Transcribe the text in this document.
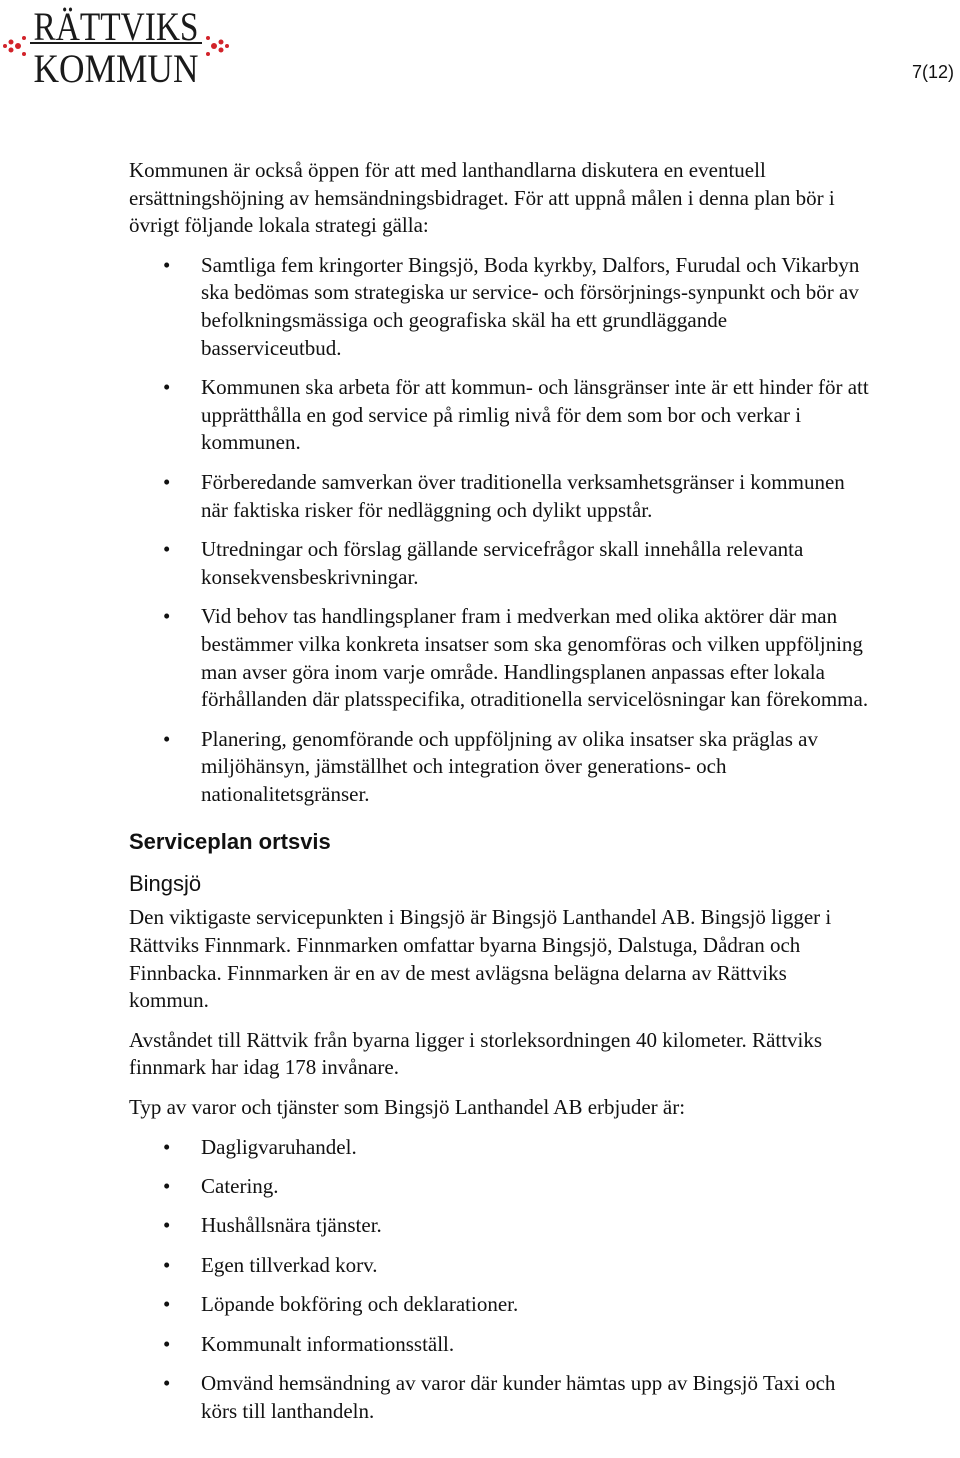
RÄTTVIKS
KOMMUN	7(12)

Kommunen är också öppen för att med lanthandlarna diskutera en eventuell ersättningshöjning av hemsändningsbidraget. För att uppnå målen i denna plan bör i övrigt följande lokala strategi gälla:

• Samtliga fem kringorter Bingsjö, Boda kyrkby, Dalfors, Furudal och Vikarbyn ska bedömas som strategiska ur service- och försörjnings-synpunkt och bör av befolkningsmässiga och geografiska skäl ha ett grundläggande basserviceutbud.
• Kommunen ska arbeta för att kommun- och länsgränser inte är ett hinder för att upprätthålla en god service på rimlig nivå för dem som bor och verkar i kommunen.
• Förberedande samverkan över traditionella verksamhetsgränser i kommunen när faktiska risker för nedläggning och dylikt uppstår.
• Utredningar och förslag gällande servicefrågor skall innehålla relevanta konsekvensbeskrivningar.
• Vid behov tas handlingsplaner fram i medverkan med olika aktörer där man bestämmer vilka konkreta insatser som ska genomföras och vilken uppföljning man avser göra inom varje område. Handlingsplanen anpassas efter lokala förhållanden där platsspecifika, otraditionella servicelösningar kan förekomma.
• Planering, genomförande och uppföljning av olika insatser ska präglas av miljöhänsyn, jämställhet och integration över generations- och nationalitetsgränser.
Serviceplan ortsvis
Bingsjö

Den viktigaste servicepunkten i Bingsjö är Bingsjö Lanthandel AB. Bingsjö ligger i Rättviks Finnmark. Finnmarken omfattar byarna Bingsjö, Dalstuga, Dådran och Finnbacka. Finnmarken är en av de mest avlägsna belägna delarna av Rättviks kommun.

Avståndet till Rättvik från byarna ligger i storleksordningen 40 kilometer. Rättviks finnmark har idag 178 invånare.

Typ av varor och tjänster som Bingsjö Lanthandel AB erbjuder är:

• Dagligvaruhandel.
• Catering.
• Hushållsnära tjänster.
• Egen tillverkad korv.
• Löpande bokföring och deklarationer.
• Kommunalt informationsställ.
• Omvänd hemsändning av varor där kunder hämtas upp av Bingsjö Taxi och körs till lanthandeln.
